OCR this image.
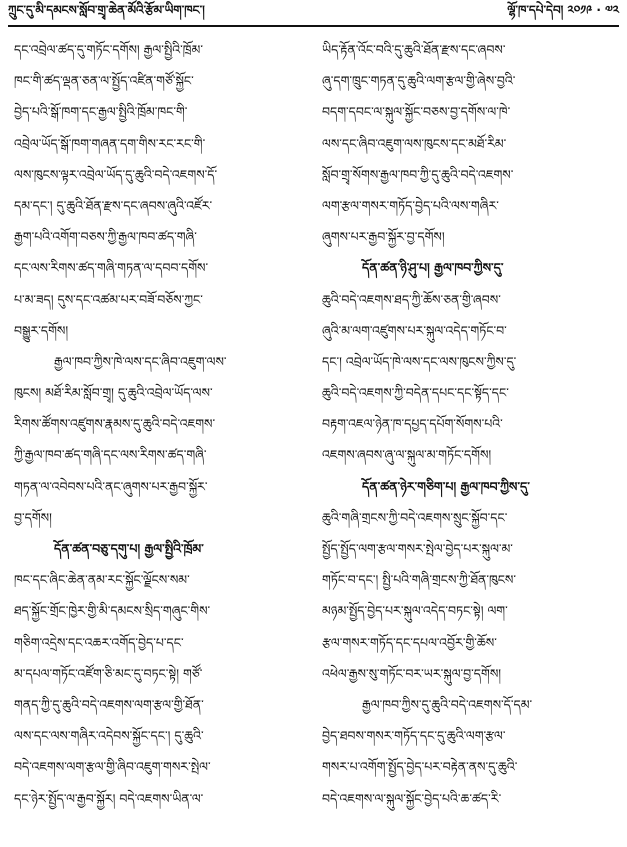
ཀྲུང་དུ་མི་དམངས་སློབ་གྲྭ་ཆེན་མོའི་རྩོམ་ཡིག་ཁང་།	ལྷོ་ཁ་དཔེ་དེབ། ༢༠༡༩ · ༧༢
དང་འབྲེལ་ཚད་དུ་གཏོང་དགོས། རྒྱལ་སྤྱིའི་ཁྲོམ་
ཁང་གི་ཚད་ལྡན་ཅན་ལ་སྤྱོད་འཛིན་གཙོ་སྐྱོང་
བྱེད་པའི་སྒོ་ཁག་དང་རྒྱལ་སྤྱིའི་ཁྲོམ་ཁང་གི་
འབྲེལ་ཡོད་སྒོ་ཁག་གཞན་དག་གིས་རང་རང་གི་
ལས་ཁུངས་ལྟར་འབྲེལ་ཡོད་དུ་ཆུའི་བདེ་འཇགས་དོ་
དམ་དང་། དུ་ཆུའི་ཐོན་རྫས་དང་ཞབས་ཞུའི་འཛོར་
རྒྱག་པའི་འགོག་བཅས་ཀྱི་རྒྱལ་ཁབ་ཚད་གཞི་
དང་ལས་རིགས་ཚད་གཞི་གཏན་ལ་དབབ་དགོས་
པ་མ་ཟད། དུས་དང་འཚམ་པར་བཟོ་བཅོས་ཀྱང་
བསྒྱུར་དགོས།
རྒྱལ་ཁབ་ཀྱིས་ཁེ་ལས་དང་ཞིབ་འཇུག་ལས་
ཁུངས། མཐོ་རིམ་སློབ་གྲྭ། དུ་ཆུའི་འབྲེལ་ཡོད་ལས་
རིགས་ཚོགས་འཛུགས་རྣམས་དུ་ཆུའི་བདེ་འཇགས་
ཀྱི་རྒྱལ་ཁབ་ཚད་གཞི་དང་ལས་རིགས་ཚད་གཞི་
གཏན་ལ་འབེབས་པའི་ནང་ཞུགས་པར་རྒྱབ་སྐྱོར་
བྱ་དགོས།
དོན་ཚན་བཅུ་དགུ་པ། རྒྱལ་སྤྱིའི་ཁྲོམ་
ཁང་དང་ཞིང་ཆེན་ནམ་རང་སྐྱོང་ལྗོངས་སམ་
ཐད་སྐྱོང་གྲོང་ཁྱེར་གྱི་མི་དམངས་སྲིད་གཞུང་གིས་
གཅིག་འདྲེས་དང་འཆར་འགོད་བྱེད་པ་དང་
མ་དཔལ་གཏོང་འཛོག་ཅི་མང་དུ་བཏང་སྟེ། གཙོ་
གནད་ཀྱི་དུ་ཆུའི་བདེ་འཇགས་ལག་རྩལ་གྱི་ཐོན་
ལས་དང་ལས་གཞིར་འདེབས་སྐྱོང་དང་། དུ་ཆུའི་
བདེ་འཇགས་ལག་རྩལ་གྱི་ཞིབ་འཇུག་གསར་སྤེལ་
དང་ཉེར་སྤྱོད་ལ་རྒྱབ་སྐྱོར། བདེ་འཇགས་ཡིན་ལ་
ཡིད་རྟོན་འོང་བའི་དུ་ཆུའི་ཐོན་རྫས་དང་ཞབས་
ཞུ་དག་ཁྲུང་གཏན་དུ་ཆུའི་ལག་རྩལ་གྱི་ཞེས་བྱའི་
བདག་དབང་ལ་སྐུལ་སྐྱོང་བཅས་བྱ་དགོས་ལ་ཁེ་
ལས་དང་ཞིབ་འཇུག་ལས་ཁུངས་དང་མཐོ་རིམ་
སློབ་གྲྭ་སོགས་རྒྱལ་ཁབ་ཀྱི་དུ་ཆུའི་བདེ་འཇགས་
ལག་རྩལ་གསར་གཏོད་བྱེད་པའི་ལས་གཞིར་
ཞུགས་པར་རྒྱབ་སྐྱོར་བྱ་དགོས།
དོན་ཚན་ཉི་ཤུ་པ། རྒྱལ་ཁབ་ཀྱིས་དུ་
ཆུའི་བདེ་འཇགས་ཐད་ཀྱི་ཆོས་ཅན་གྱི་ཞབས་
ཞུའི་མ་ལག་འཛུགས་པར་སྐུལ་འདེད་གཏོང་བ་
དང་། འབྲེལ་ཡོད་ཁེ་ལས་དང་ལས་ཁུངས་ཀྱིས་དུ་
ཆུའི་བདེ་འཇགས་ཀྱི་བདེན་དཔང་དང་སྟོད་དང་
བརྟག་འཇལ་ཉེན་ཁ་དཔྱད་དཔོག་སོགས་པའི་
འཇགས་ཞབས་ཞུ་ལ་སྐུལ་མ་གཏོང་དགོས།
དོན་ཚན་ཉེར་གཅིག་པ། རྒྱལ་ཁབ་ཀྱིས་དུ་
ཆུའི་གཞི་གྲངས་ཀྱི་བདེ་འཇགས་སྲུང་སྐྱོབ་དང་
སྤྱོད་སྤྱོད་ལག་རྩལ་གསར་སྤེལ་བྱེད་པར་སྐུལ་མ་
གཏོང་བ་དང་། སྤྱི་པའི་གཞི་གྲངས་ཀྱི་ཐོན་ཁུངས་
མཉམ་སྤྱོད་བྱེད་པར་སྐུལ་འདེད་བཏང་སྟེ། ལག་
རྩལ་གསར་གཏོད་དང་དཔལ་འབྱོར་གྱི་ཆོས་
འཕེལ་རྒྱས་སུ་གཏོང་བར་ཡར་སྐུལ་བྱ་དགོས།
རྒྱལ་ཁབ་ཀྱིས་དུ་ཆུའི་བདེ་འཇགས་དོ་དམ་
བྱེད་ཐབས་གསར་གཏོད་དང་དུ་ཆུའི་ལག་རྩལ་
གསར་པ་འགོག་སྤྱོད་བྱེད་པར་བརྟེན་ནས་དུ་ཆུའི་
བདེ་འཇགས་ལ་སྐུལ་སྐྱོང་བྱེད་པའི་ཆ་ཚད་རི་
